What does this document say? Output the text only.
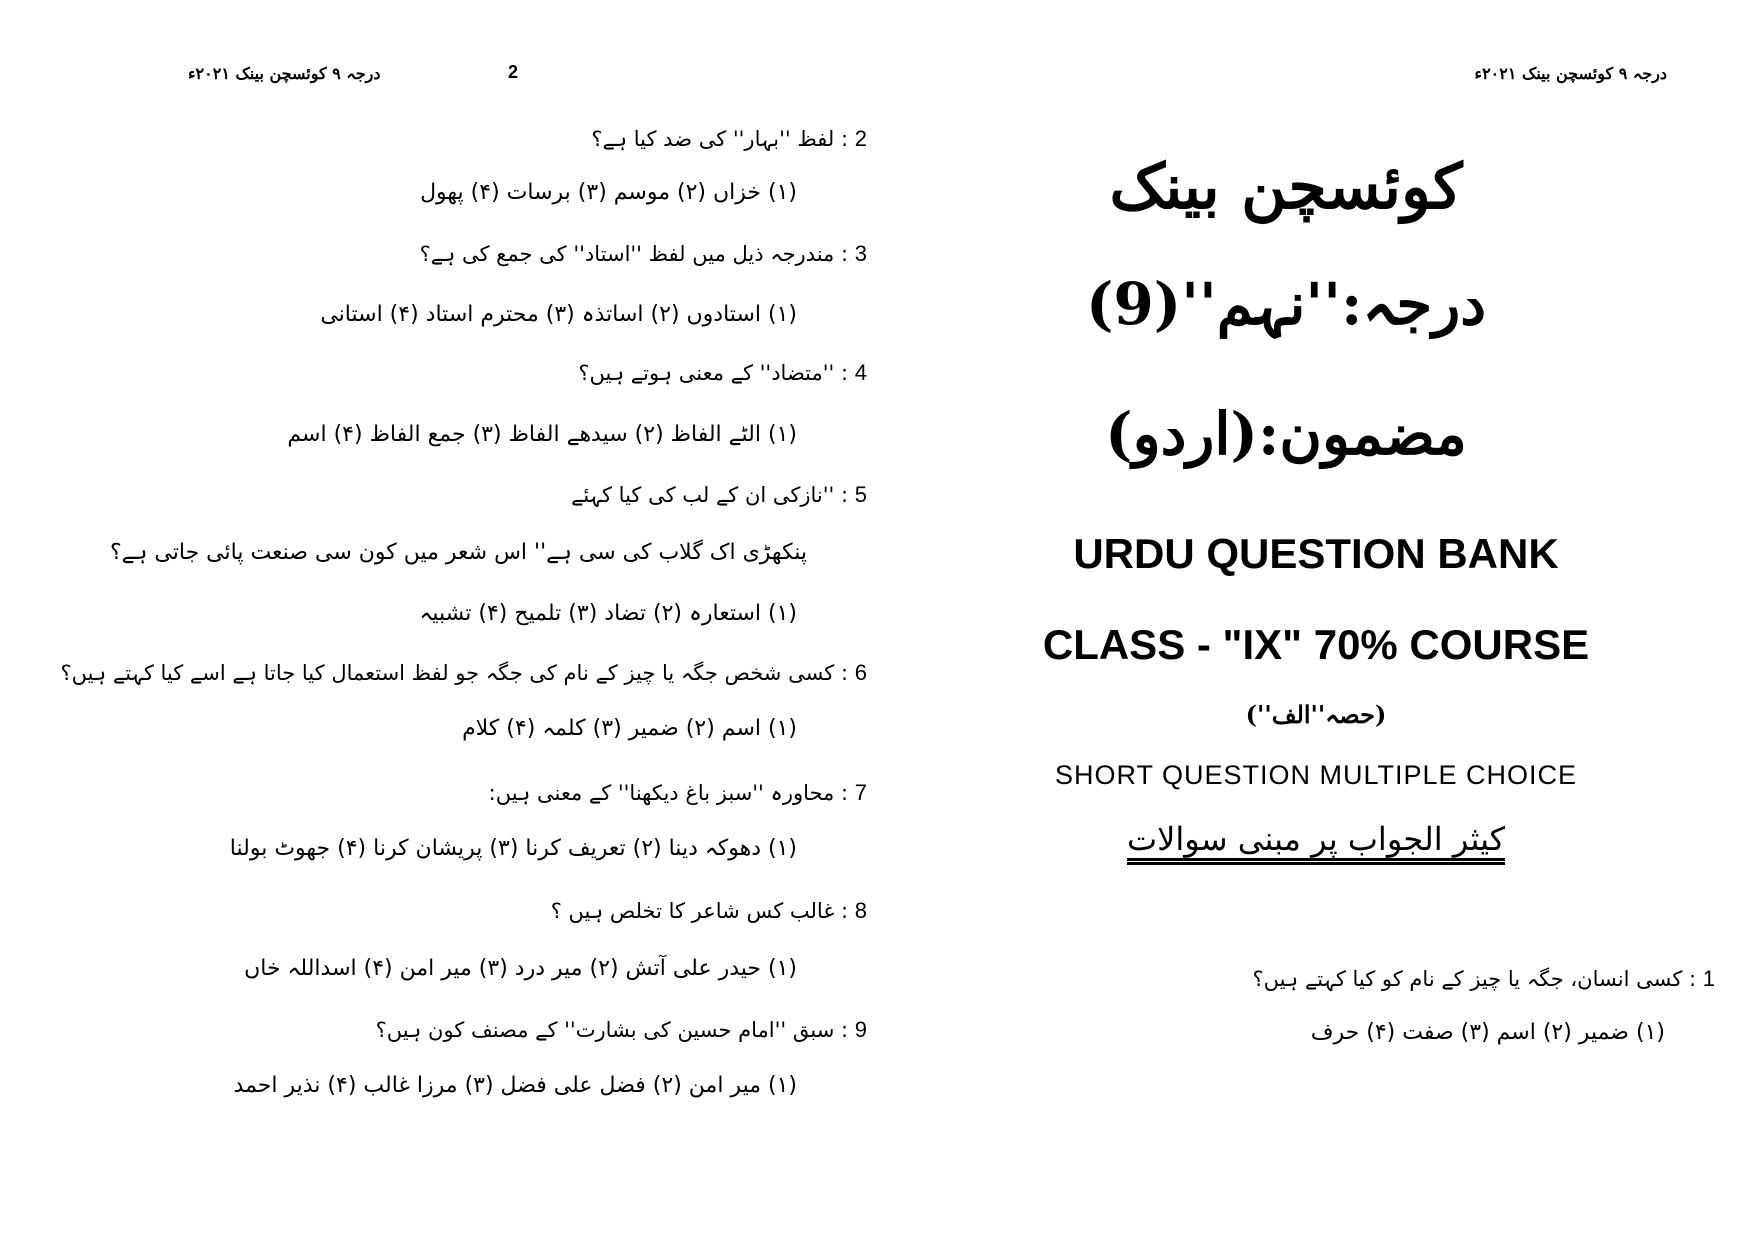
درجہ ۹ کوئسچن بینک ۲۰۲۱ء	2
2 : لفظ ''بہار'' کی ضد کیا ہے؟
(۱) خزاں (۲) موسم (۳) برسات (۴) پھول
3 : مندرجہ ذیل میں لفظ ''استاد'' کی جمع کی ہے؟
(۱) استادوں (۲) اساتذہ (۳) محترم استاد (۴) استانی
4 : ''متضاد'' کے معنی ہوتے ہیں؟
(۱) الٹے الفاظ (۲) سیدھے الفاظ (۳) جمع الفاظ (۴) اسم
5 : ''نازکی ان کے لب کی کیا کہئے
پنکھڑی اک گلاب کی سی ہے'' اس شعر میں کون سی صنعت پائی جاتی ہے؟
(۱) استعارہ (۲) تضاد (۳) تلمیح (۴) تشبیہ
6 : کسی شخص جگہ یا چیز کے نام کی جگہ جو لفظ استعمال کیا جاتا ہے اسے کیا کہتے ہیں؟
(۱) اسم (۲) ضمیر (۳) کلمہ (۴) کلام
7 : محاورہ ''سبز باغ دیکھنا'' کے معنی ہیں:
(۱) دھوکہ دینا (۲) تعریف کرنا (۳) پریشان کرنا (۴) جھوٹ بولنا
8 : غالب کس شاعر کا تخلص ہیں ؟
(۱) حیدر علی آتش (۲) میر درد (۳) میر امن (۴) اسداللہ خاں
9 : سبق ''امام حسین کی بشارت'' کے مصنف کون ہیں؟
(۱) میر امن (۲) فضل علی فضل (۳) مرزا غالب (۴) نذیر احمد
درجہ ۹ کوئسچن بینک ۲۰۲۱ء
کوئسچن بینک
درجہ:''نہم''(9)
مضمون:(اردو)
URDU QUESTION BANK
CLASS - "IX" 70% COURSE
(حصہ''الف'')
SHORT QUESTION MULTIPLE CHOICE
کیثر الجواب پر مبنی سوالات
1 : کسی انسان، جگہ یا چیز کے نام کو کیا کہتے ہیں؟
(۱) ضمیر (۲) اسم (۳) صفت (۴) حرف
